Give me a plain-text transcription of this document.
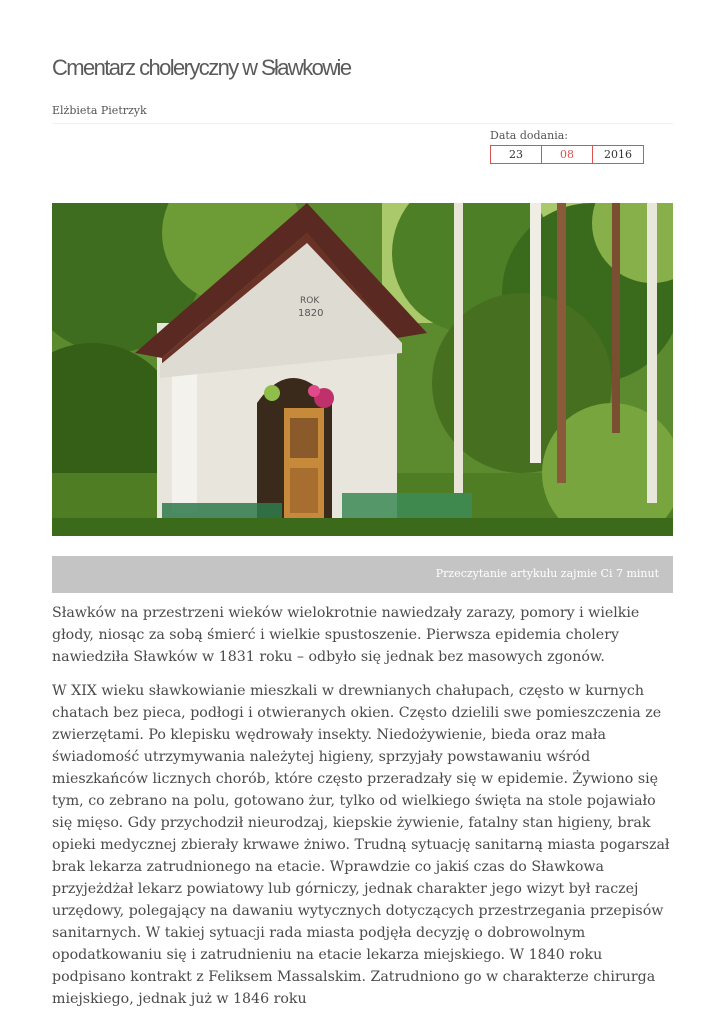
Cmentarz choleryczny w Sławkowie
Elżbieta Pietrzyk
Data dodania:
23	08	2016
ROK
1820
Przeczytanie artykułu zajmie Ci 7 minut

Sławków na przestrzeni wieków wielokrotnie nawiedzały zarazy, pomory i wielkie głody, niosąc za sobą śmierć i wielkie spustoszenie. Pierwsza epidemia cholery nawiedziła Sławków w 1831 roku – odbyło się jednak bez masowych zgonów.

W XIX wieku sławkowianie mieszkali w drewnianych chałupach, często w kurnych chatach bez pieca, podłogi i otwieranych okien. Często dzielili swe pomieszczenia ze zwierzętami. Po klepisku wędrowały insekty. Niedożywienie, bieda oraz mała świadomość utrzymywania należytej higieny, sprzyjały powstawaniu wśród mieszkańców licznych chorób, które często przeradzały się w epidemie. Żywiono się tym, co zebrano na polu, gotowano żur, tylko od wielkiego święta na stole pojawiało się mięso. Gdy przychodził nieurodzaj, kiepskie żywienie, fatalny stan higieny, brak opieki medycznej zbierały krwawe żniwo. Trudną sytuację sanitarną miasta pogarszał brak lekarza zatrudnionego na etacie. Wprawdzie co jakiś czas do Sławkowa przyjeżdżał lekarz powiatowy lub górniczy, jednak charakter jego wizyt był raczej urzędowy, polegający na dawaniu wytycznych dotyczących przestrzegania przepisów sanitarnych. W takiej sytuacji rada miasta podjęła decyzję o dobrowolnym opodatkowaniu się i zatrudnieniu na etacie lekarza miejskiego. W 1840 roku podpisano kontrakt z Feliksem Massalskim. Zatrudniono go w charakterze chirurga miejskiego, jednak już w 1846 roku
